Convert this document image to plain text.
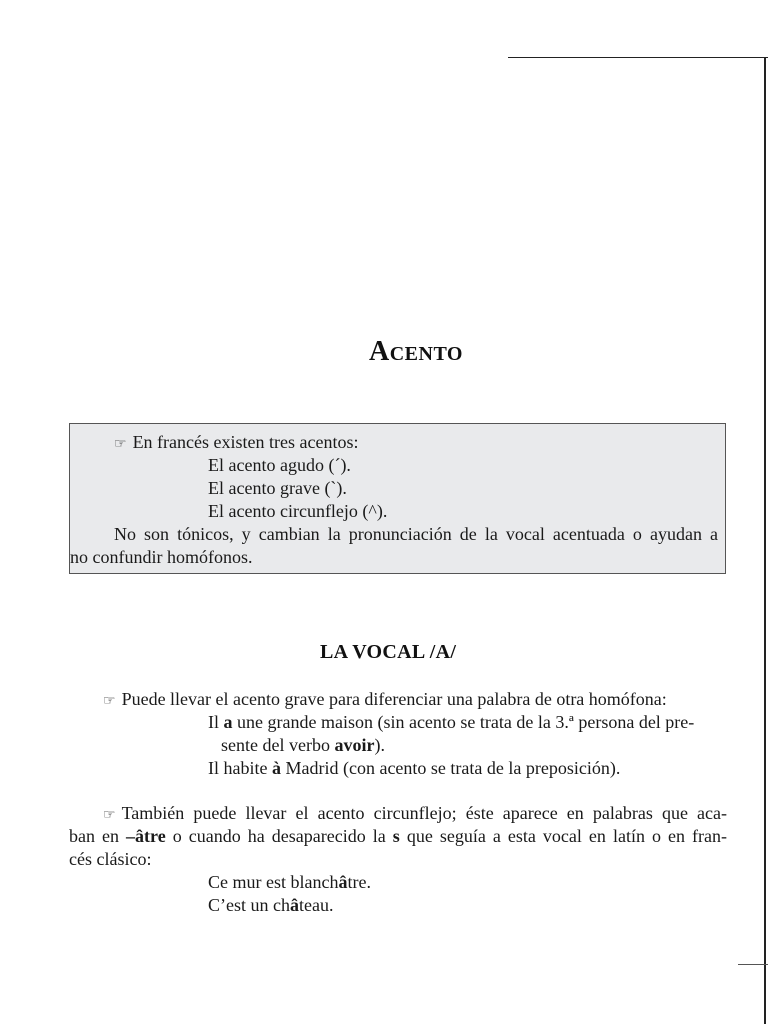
Acento
☞ En francés existen tres acentos:
El acento agudo (´).
El acento grave (`).
El acento circunflejo (^).
No son tónicos, y cambian la pronunciación de la vocal acentuada o ayudan a
no confundir homófonos.
LA VOCAL /A/
☞ Puede llevar el acento grave para diferenciar una palabra de otra homófona:
Il a une grande maison (sin acento se trata de la 3.ª persona del pre-
sente del verbo avoir).
Il habite à Madrid (con acento se trata de la preposición).
☞ También puede llevar el acento circunflejo; éste aparece en palabras que aca-
ban en –âtre o cuando ha desaparecido la s que seguía a esta vocal en latín o en fran-
cés clásico:
Ce mur est blanchâtre.
C’est un château.
